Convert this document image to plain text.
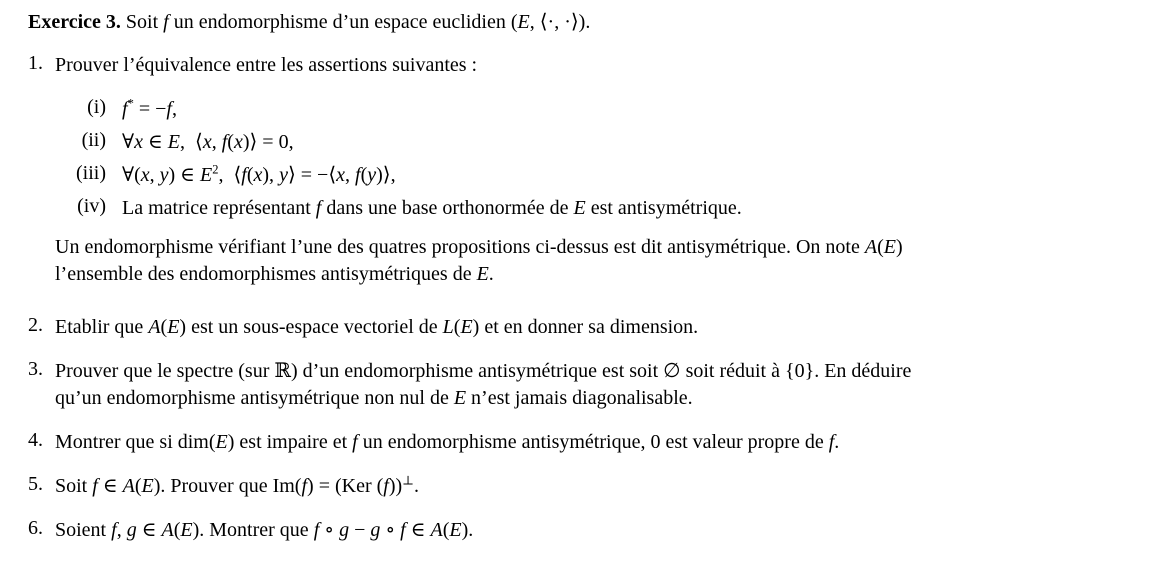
Exercice 3. Soit f un endomorphisme d’un espace euclidien (E, ⟨·, ·⟩).
1. Prouver l’équivalence entre les assertions suivantes :
(i) f* = −f,
(ii) ∀x ∈ E,  ⟨x, f(x)⟩ = 0,
(iii) ∀(x, y) ∈ $E^2$,  ⟨f(x), y⟩ = −⟨x, f(y)⟩,
(iv) La matrice représentant f dans une base orthonormée de E est antisymétrique.
Un endomorphisme vérifiant l’une des quatres propositions ci-dessus est dit antisymétrique. On note A(E)
l’ensemble des endomorphismes antisymétriques de E.
2. Etablir que A(E) est un sous-espace vectoriel de L(E) et en donner sa dimension.
3. Prouver que le spectre (sur ℝ) d’un endomorphisme antisymétrique est soit ∅ soit réduit à {0}. En déduire
qu’un endomorphisme antisymétrique non nul de E n’est jamais diagonalisable.
4. Montrer que si dim(E) est impaire et f un endomorphisme antisymétrique, 0 est valeur propre de f.
5. Soit f ∈ A(E). Prouver que Im(f) = (Ker (f))⊥.
6. Soient f, g ∈ A(E). Montrer que f ∘ g − g ∘ f ∈ A(E).
